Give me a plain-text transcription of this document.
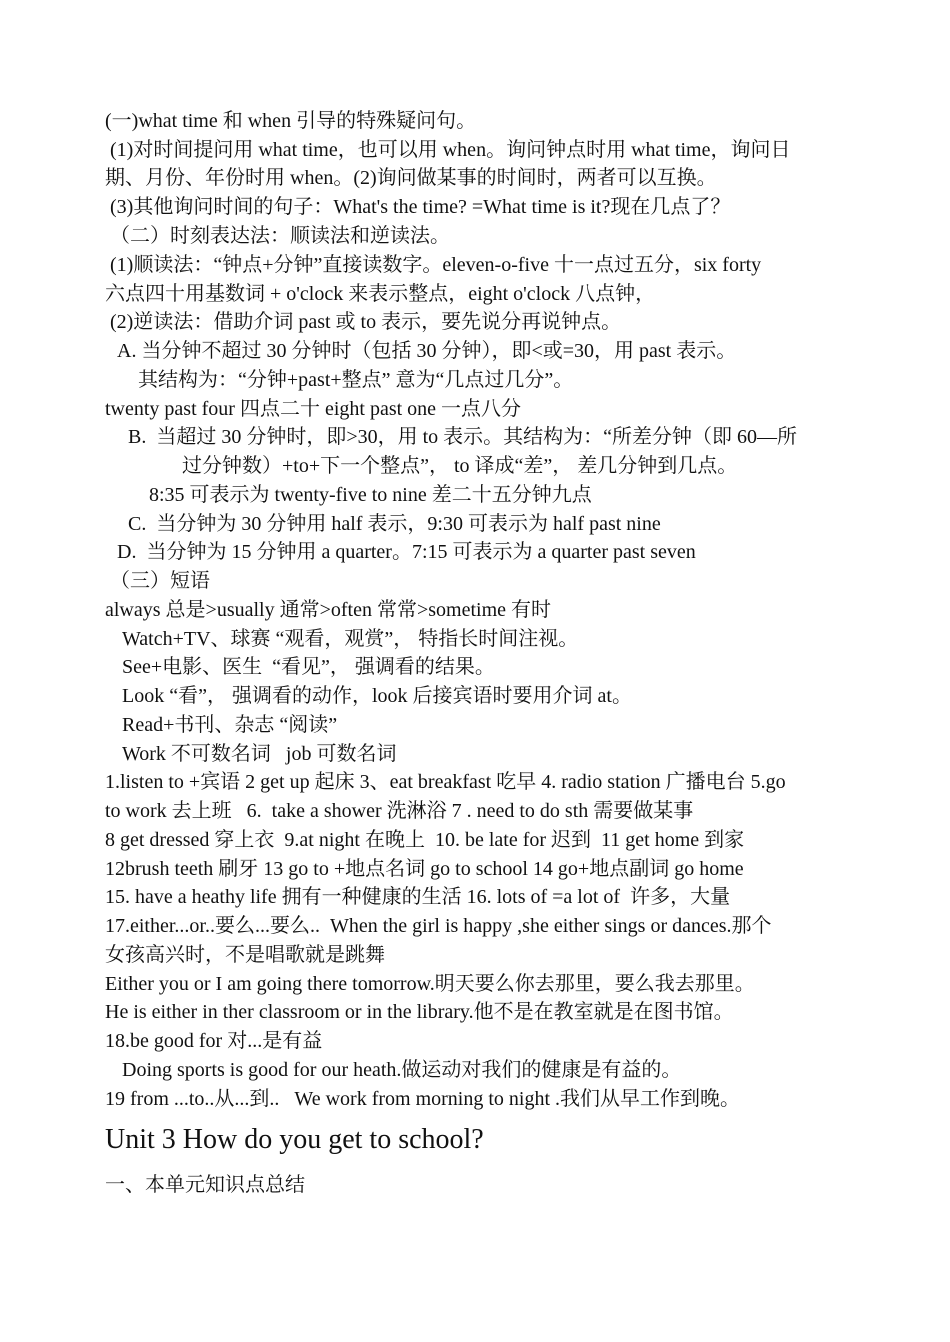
(一)what time 和 when 引导的特殊疑问句。

(1)对时间提问用 what time，也可以用 when。询问钟点时用 what time，询问日

期、月份、年份时用 when。(2)询问做某事的时间时，两者可以互换。

(3)其他询问时间的句子：What's the time? =What time is it?现在几点了？

（二）时刻表达法：顺读法和逆读法。

(1)顺读法：“钟点+分钟”直接读数字。eleven-o-five 十一点过五分，six forty

六点四十用基数词 + o'clock 来表示整点，eight o'clock 八点钟，

(2)逆读法：借助介词 past 或 to 表示，要先说分再说钟点。

A. 当分钟不超过 30 分钟时（包括 30 分钟），即<或=30，用 past 表示。

其结构为：“分钟+past+整点” 意为“几点过几分”。

twenty past four 四点二十 eight past one 一点八分

B.  当超过 30 分钟时，即>30，用 to 表示。其结构为：“所差分钟（即 60—所

过分钟数）+to+下一个整点”， to 译成“差”， 差几分钟到几点。

8:35 可表示为 twenty-five to nine 差二十五分钟九点

C.  当分钟为 30 分钟用 half 表示，9:30 可表示为 half past nine

D.  当分钟为 15 分钟用 a quarter。7:15 可表示为 a quarter past seven

（三）短语

always 总是>usually 通常>often 常常>sometime 有时

Watch+TV、球赛 “观看，观赏”， 特指长时间注视。

See+电影、医生  “看见”， 强调看的结果。

Look “看”， 强调看的动作，look 后接宾语时要用介词 at。

Read+书刊、杂志 “阅读”

Work 不可数名词   job 可数名词

1.listen to +宾语 2 get up 起床 3、eat breakfast 吃早 4. radio station 广播电台 5.go

to work 去上班   6.  take a shower 洗淋浴 7 . need to do sth 需要做某事

8 get dressed 穿上衣  9.at night 在晚上  10. be late for 迟到  11 get home 到家

12brush teeth 刷牙 13 go to +地点名词 go to school 14 go+地点副词 go home

15. have a heathy life 拥有一种健康的生活 16. lots of =a lot of  许多，大量

17.either...or..要么...要么..  When the girl is happy ,she either sings or dances.那个

女孩高兴时，不是唱歌就是跳舞

Either you or I am going there tomorrow.明天要么你去那里，要么我去那里。

He is either in ther classroom or in the library.他不是在教室就是在图书馆。

18.be good for 对...是有益

Doing sports is good for our heath.做运动对我们的健康是有益的。

19 from ...to..从...到..   We work from morning to night .我们从早工作到晚。

Unit 3 How do you get to school?

一、本单元知识点总结
